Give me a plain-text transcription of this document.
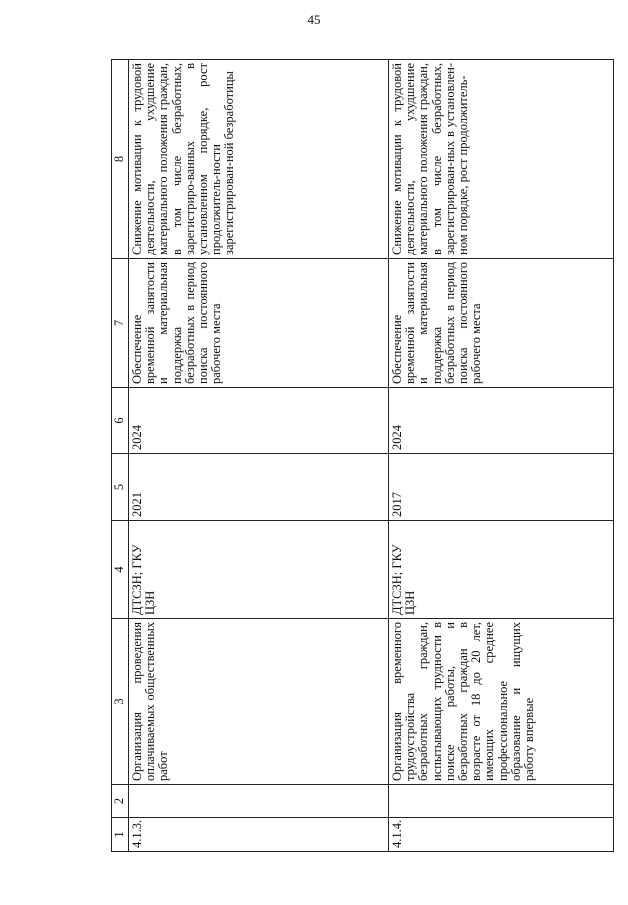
45
1	2	3	4	5	6	7	8
4.1.3.		Организация проведения оплачиваемых общественных работ	ДТСЗН; ГКУ ЦЗН	2021	2024	Обеспечение временной занятости и материальная поддержка безработных в период поиска постоянного рабочего места	Снижение мотивации к трудовой деятельности, ухудшение материального положения граждан, в том числе безработных, зарегистриро-ванных в установленном порядке, рост продолжитель-ности зарегистрирован-ной безработицы
4.1.4.		Организация временного трудоустройства безработных граждан, испытывающих трудности в поиске работы, и безработных граждан в возрасте от 18 до 20 лет, имеющих среднее профессиональное образование и ищущих работу впервые	ДТСЗН; ГКУ ЦЗН	2017	2024	Обеспечение временной занятости и материальная поддержка безработных в период поиска постоянного рабочего места	Снижение мотивации к трудовой деятельности, ухудшение материального положения граждан, в том числе безработных, зарегистрирован-ных в установлен-ном порядке, рост продолжитель-
